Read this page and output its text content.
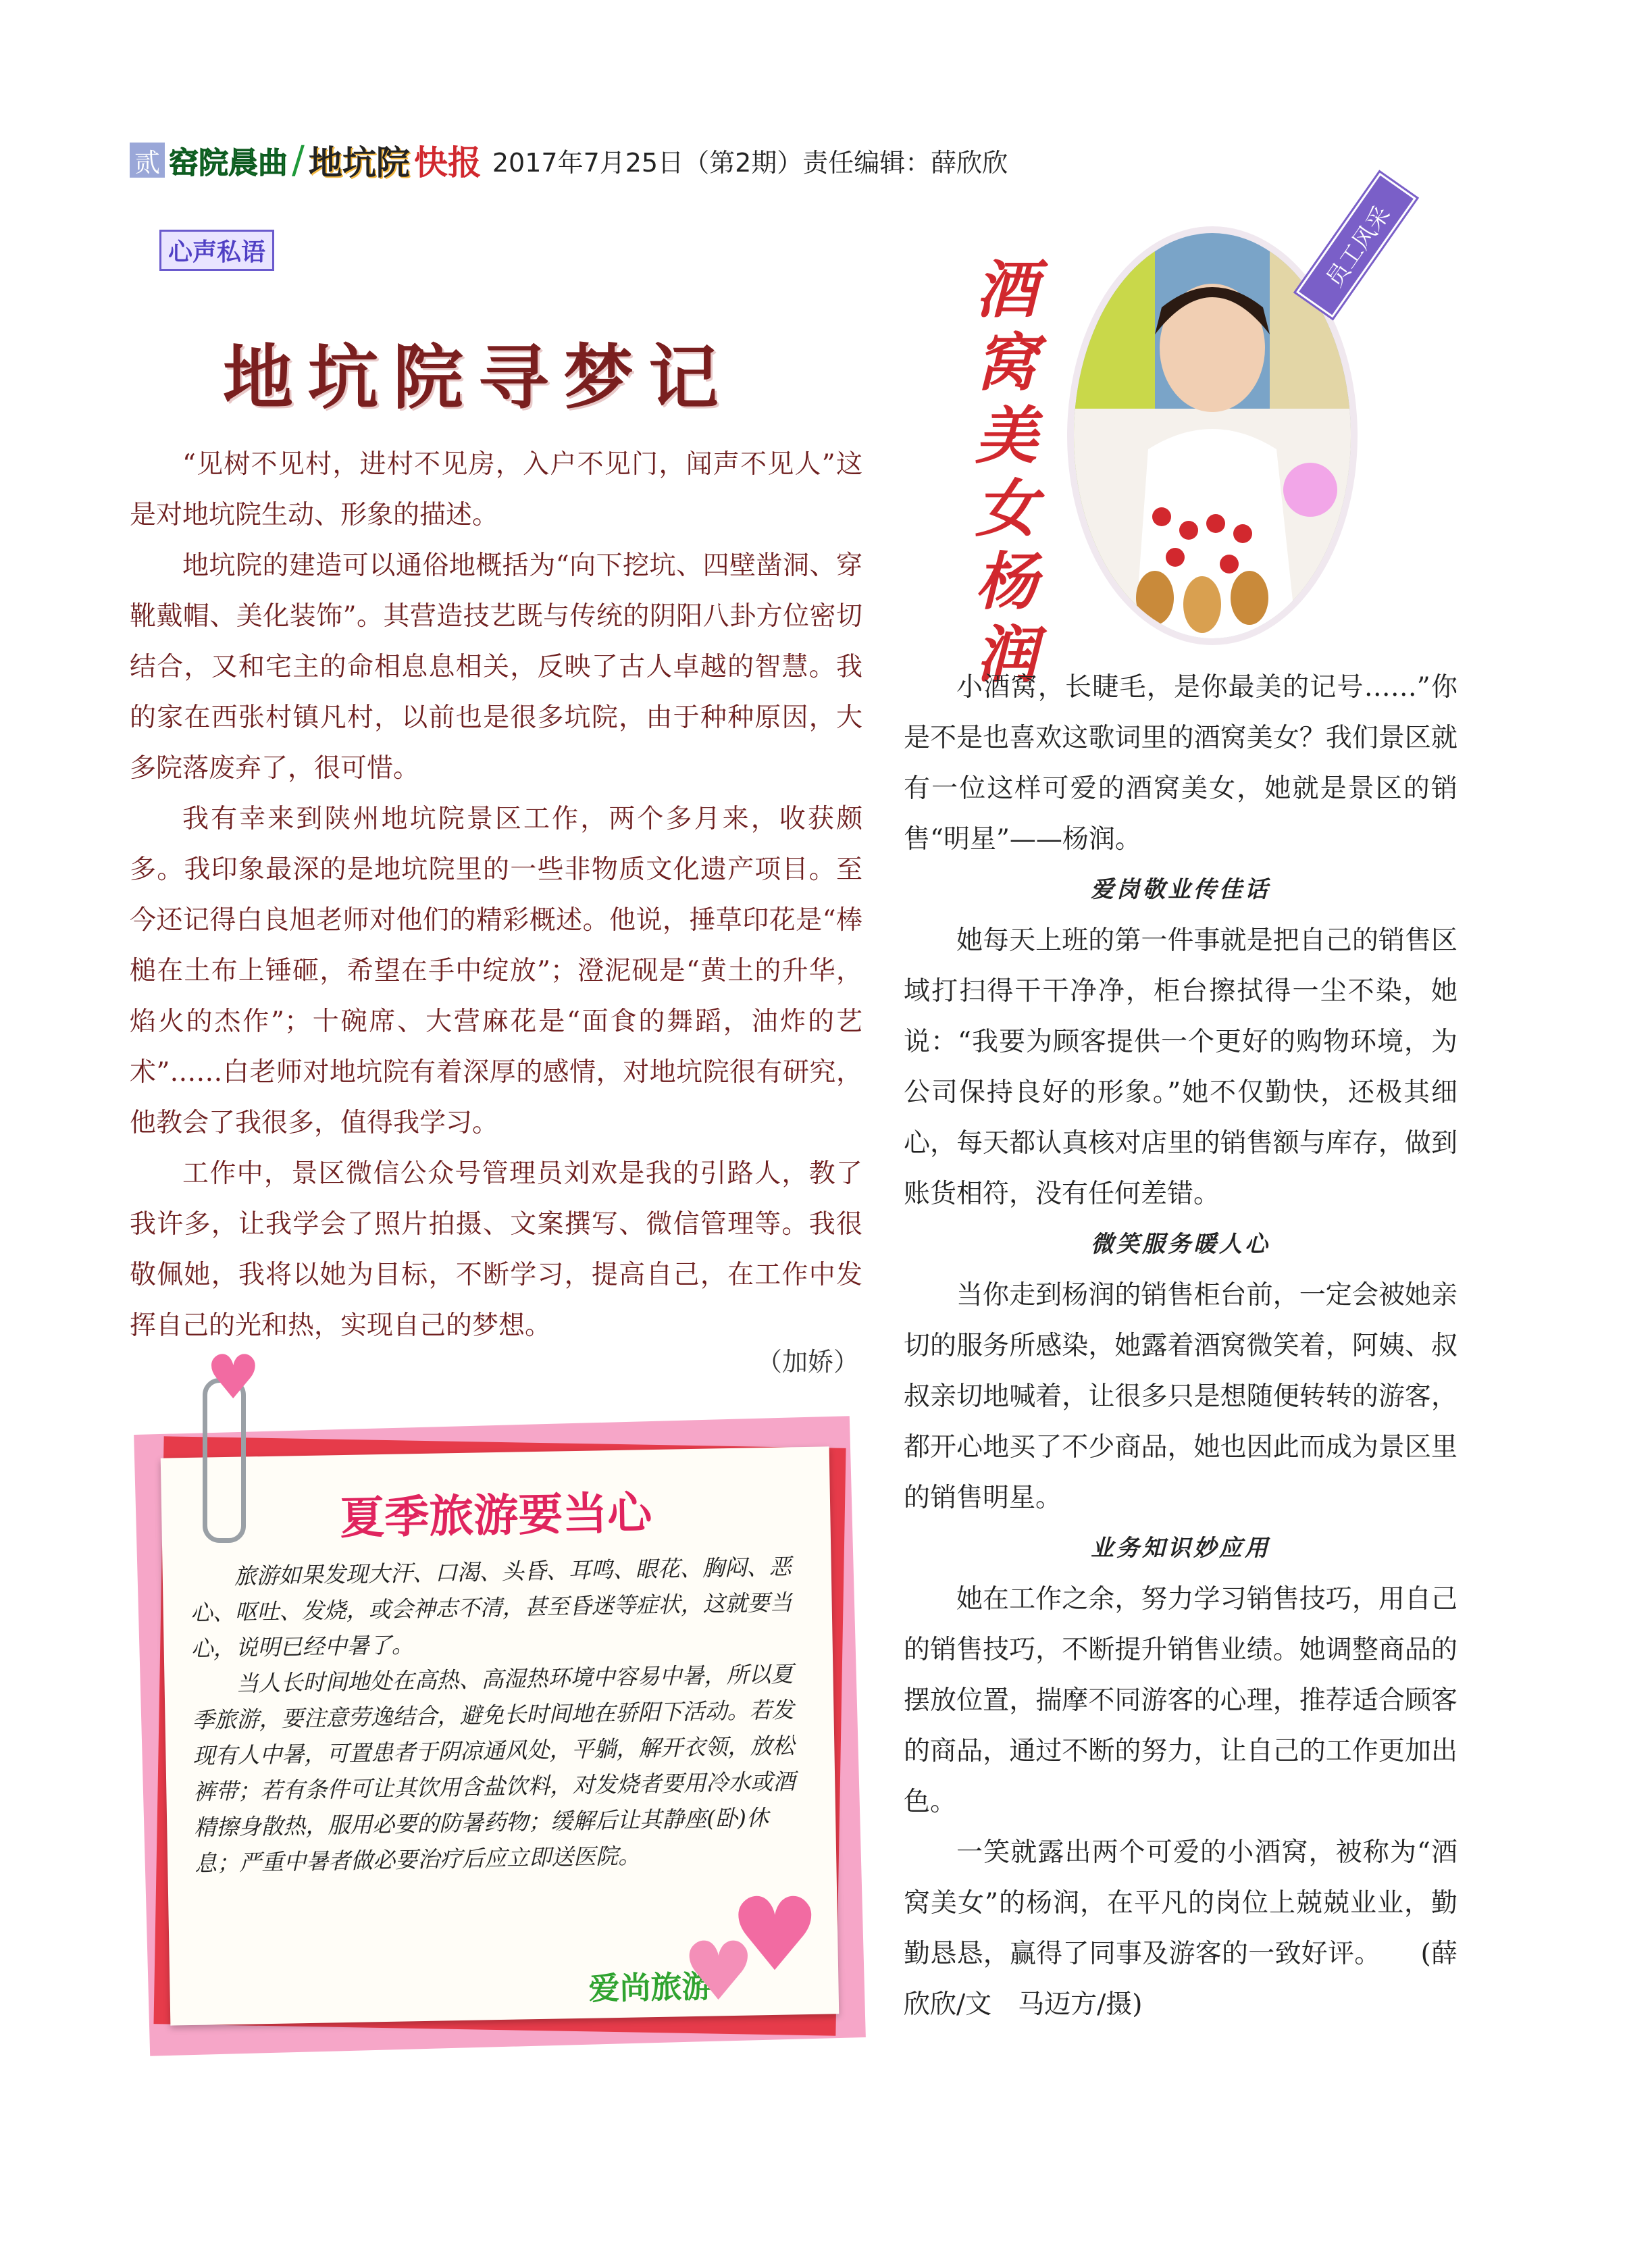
贰 窑院晨曲 / 地坑院 快报 2017年7月25日（第2期）责任编辑：薛欣欣
心声私语
地坑院寻梦记

“见树不见村，进村不见房，入户不见门，闻声不见人”这是对地坑院生动、形象的描述。

地坑院的建造可以通俗地概括为“向下挖坑、四壁凿洞、穿靴戴帽、美化装饰”。其营造技艺既与传统的阴阳八卦方位密切结合，又和宅主的命相息息相关，反映了古人卓越的智慧。我的家在西张村镇凡村，以前也是很多坑院，由于种种原因，大多院落废弃了，很可惜。

我有幸来到陕州地坑院景区工作，两个多月来，收获颇多。我印象最深的是地坑院里的一些非物质文化遗产项目。至今还记得白良旭老师对他们的精彩概述。他说，捶草印花是“棒槌在土布上锤砸，希望在手中绽放”；澄泥砚是“黄土的升华，焰火的杰作”；十碗席、大营麻花是“面食的舞蹈，油炸的艺术”……白老师对地坑院有着深厚的感情，对地坑院很有研究，他教会了我很多，值得我学习。

工作中，景区微信公众号管理员刘欢是我的引路人，教了我许多，让我学会了照片拍摄、文案撰写、微信管理等。我很敬佩她，我将以她为目标，不断学习，提高自己，在工作中发挥自己的光和热，实现自己的梦想。

（加娇）
夏季旅游要当心

旅游如果发现大汗、口渴、头昏、耳鸣、眼花、胸闷、恶心、呕吐、发烧，或会神志不清，甚至昏迷等症状，这就要当心，说明已经中暑了。

当人长时间地处在高热、高湿热环境中容易中暑，所以夏季旅游，要注意劳逸结合，避免长时间地在骄阳下活动。若发现有人中暑，可置患者于阴凉通风处，平躺，解开衣领，放松裤带；若有条件可让其饮用含盐饮料，对发烧者要用冷水或酒精擦身散热，服用必要的防暑药物；缓解后让其静座(卧)休息；严重中暑者做必要治疗后应立即送医院。

爱尚旅游
♥
♥
♥
酒
窝
美
女
杨
润
员工风采

小酒窝，长睫毛，是你最美的记号……”你是不是也喜欢这歌词里的酒窝美女？我们景区就有一位这样可爱的酒窝美女，她就是景区的销售“明星”——杨润。

爱岗敬业传佳话

她每天上班的第一件事就是把自己的销售区域打扫得干干净净，柜台擦拭得一尘不染，她说：“我要为顾客提供一个更好的购物环境，为公司保持良好的形象。”她不仅勤快，还极其细心，每天都认真核对店里的销售额与库存，做到账货相符，没有任何差错。

微笑服务暖人心

当你走到杨润的销售柜台前，一定会被她亲切的服务所感染，她露着酒窝微笑着，阿姨、叔叔亲切地喊着，让很多只是想随便转转的游客，都开心地买了不少商品，她也因此而成为景区里的销售明星。

业务知识妙应用

她在工作之余，努力学习销售技巧，用自己的销售技巧，不断提升销售业绩。她调整商品的摆放位置，揣摩不同游客的心理，推荐适合顾客的商品，通过不断的努力，让自己的工作更加出色。

一笑就露出两个可爱的小酒窝，被称为“酒窝美女”的杨润，在平凡的岗位上兢兢业业，勤勤恳恳，赢得了同事及游客的一致好评。　　 (薛欣欣/文　马迈方/摄)
